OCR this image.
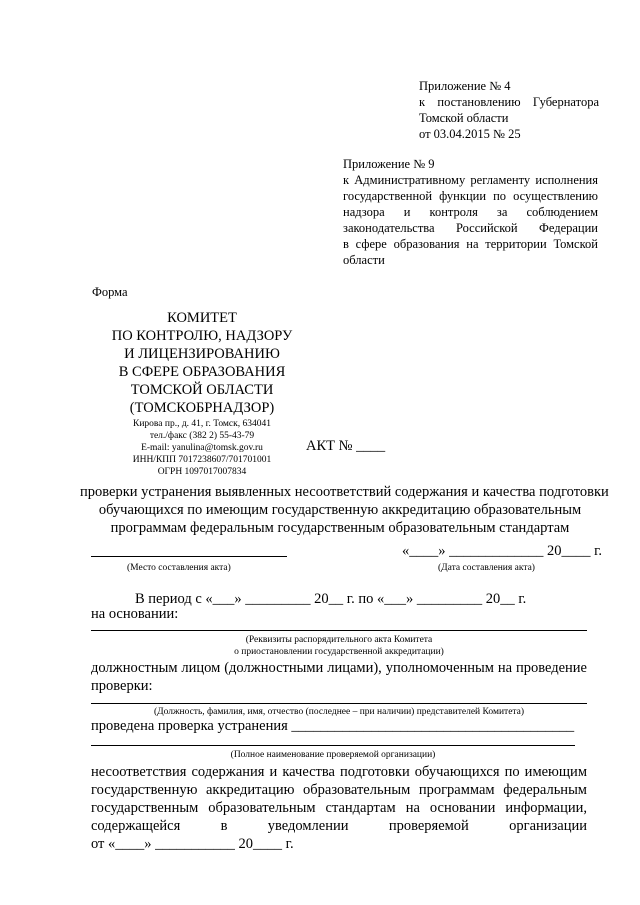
Приложение № 4
к постановлению Губернатора
Томской области
от 03.04.2015 № 25
Приложение № 9
к Административному регламенту исполнения
государственной функции по осуществлению
надзора и контроля за соблюдением
законодательства Российской Федерации
в сфере образования на территории Томской
области
Форма
КОМИТЕТ
ПО КОНТРОЛЮ, НАДЗОРУ
И ЛИЦЕНЗИРОВАНИЮ
В СФЕРЕ ОБРАЗОВАНИЯ
ТОМСКОЙ ОБЛАСТИ
(ТОМСКОБРНАДЗОР)
Кирова пр., д. 41, г. Томск, 634041
тел./факс (382 2) 55-43-79
E-mail: yanulina@tomsk.gov.ru
ИНН/КПП 7017238607/701701001
ОГРН 1097017007834
АКТ № ____
проверки устранения выявленных несоответствий содержания и качества подготовки
обучающихся по имеющим государственную аккредитацию образовательным
программам федеральным государственным образовательным стандартам
«____» _____________ 20____ г.
(Место составления акта)	(Дата составления акта)
В период с «___» _________ 20__ г. по «___» _________ 20__ г.
на основании:
(Реквизиты распорядительного акта Комитета
о приостановлении государственной аккредитации)
должностным лицом (должностными лицами), уполномоченным на проведение
проверки:
(Должность, фамилия, имя, отчество (последнее – при наличии) представителей Комитета)
проведена проверка устранения _______________________________________
(Полное наименование проверяемой организации)
несоответствия содержания и качества подготовки обучающихся по имеющим
государственную аккредитацию образовательным программам федеральным
государственным образовательным стандартам на основании информации,
содержащейся в уведомлении проверяемой организации
от «____» ___________ 20____ г.
